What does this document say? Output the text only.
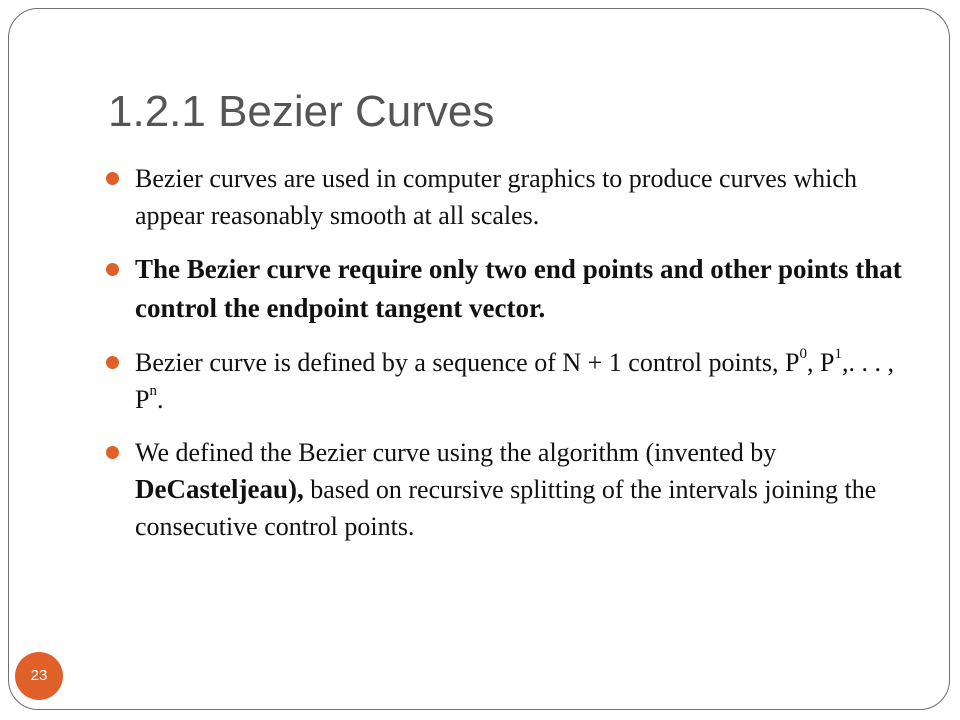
1.2.1 Bezier Curves
Bezier curves are used in computer graphics to produce curves which appear reasonably smooth at all scales.
The Bezier curve require only two end points and other points that control the endpoint tangent vector.
Bezier curve is defined by a sequence of N + 1 control points, $P^0$, $P^1$,. . . , $P^n$.
We defined the Bezier curve using the algorithm (invented by DeCasteljeau), based on recursive splitting of the intervals joining the consecutive control points.
23
